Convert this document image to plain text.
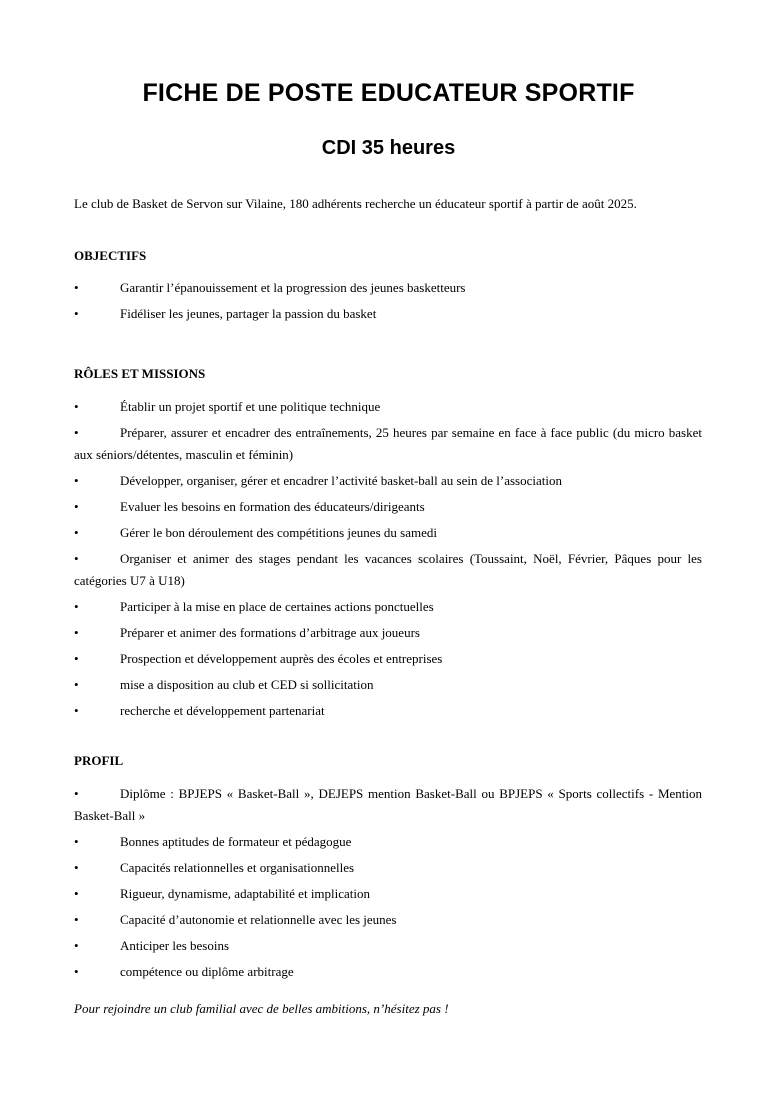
FICHE DE POSTE EDUCATEUR SPORTIF
CDI 35 heures

Le club de Basket de Servon sur Vilaine, 180 adhérents recherche un éducateur sportif à partir de août 2025.

OBJECTIFS
•	Garantir l’épanouissement et la progression des jeunes basketteurs
•	Fidéliser les jeunes, partager la passion du basket
RÔLES ET MISSIONS
•	Établir un projet sportif et une politique technique
•	Préparer, assurer et encadrer des entraînements, 25 heures par semaine en face à face public (du micro basket aux séniors/détentes, masculin et féminin)
•	Développer, organiser, gérer et encadrer l’activité basket-ball au sein de l’association
•	Evaluer les besoins en formation des éducateurs/dirigeants
•	Gérer le bon déroulement des compétitions jeunes du samedi
•	Organiser et animer des stages pendant les vacances scolaires (Toussaint, Noël, Février, Pâques pour les catégories U7 à U18)
•	Participer à la mise en place de certaines actions ponctuelles
•	Préparer et animer des formations d’arbitrage aux joueurs
•	Prospection et développement auprès des écoles et entreprises
•	mise a disposition au club et CED si sollicitation
•	recherche et développement partenariat
PROFIL
•	Diplôme : BPJEPS « Basket-Ball », DEJEPS mention Basket-Ball ou BPJEPS « Sports collectifs - Mention Basket-Ball »
•	Bonnes aptitudes de formateur et pédagogue
•	Capacités relationnelles et organisationnelles
•	Rigueur, dynamisme, adaptabilité et implication
•	Capacité d’autonomie et relationnelle avec les jeunes
•	Anticiper les besoins
•	compétence ou diplôme arbitrage

Pour rejoindre un club familial avec de belles ambitions, n’hésitez pas !
